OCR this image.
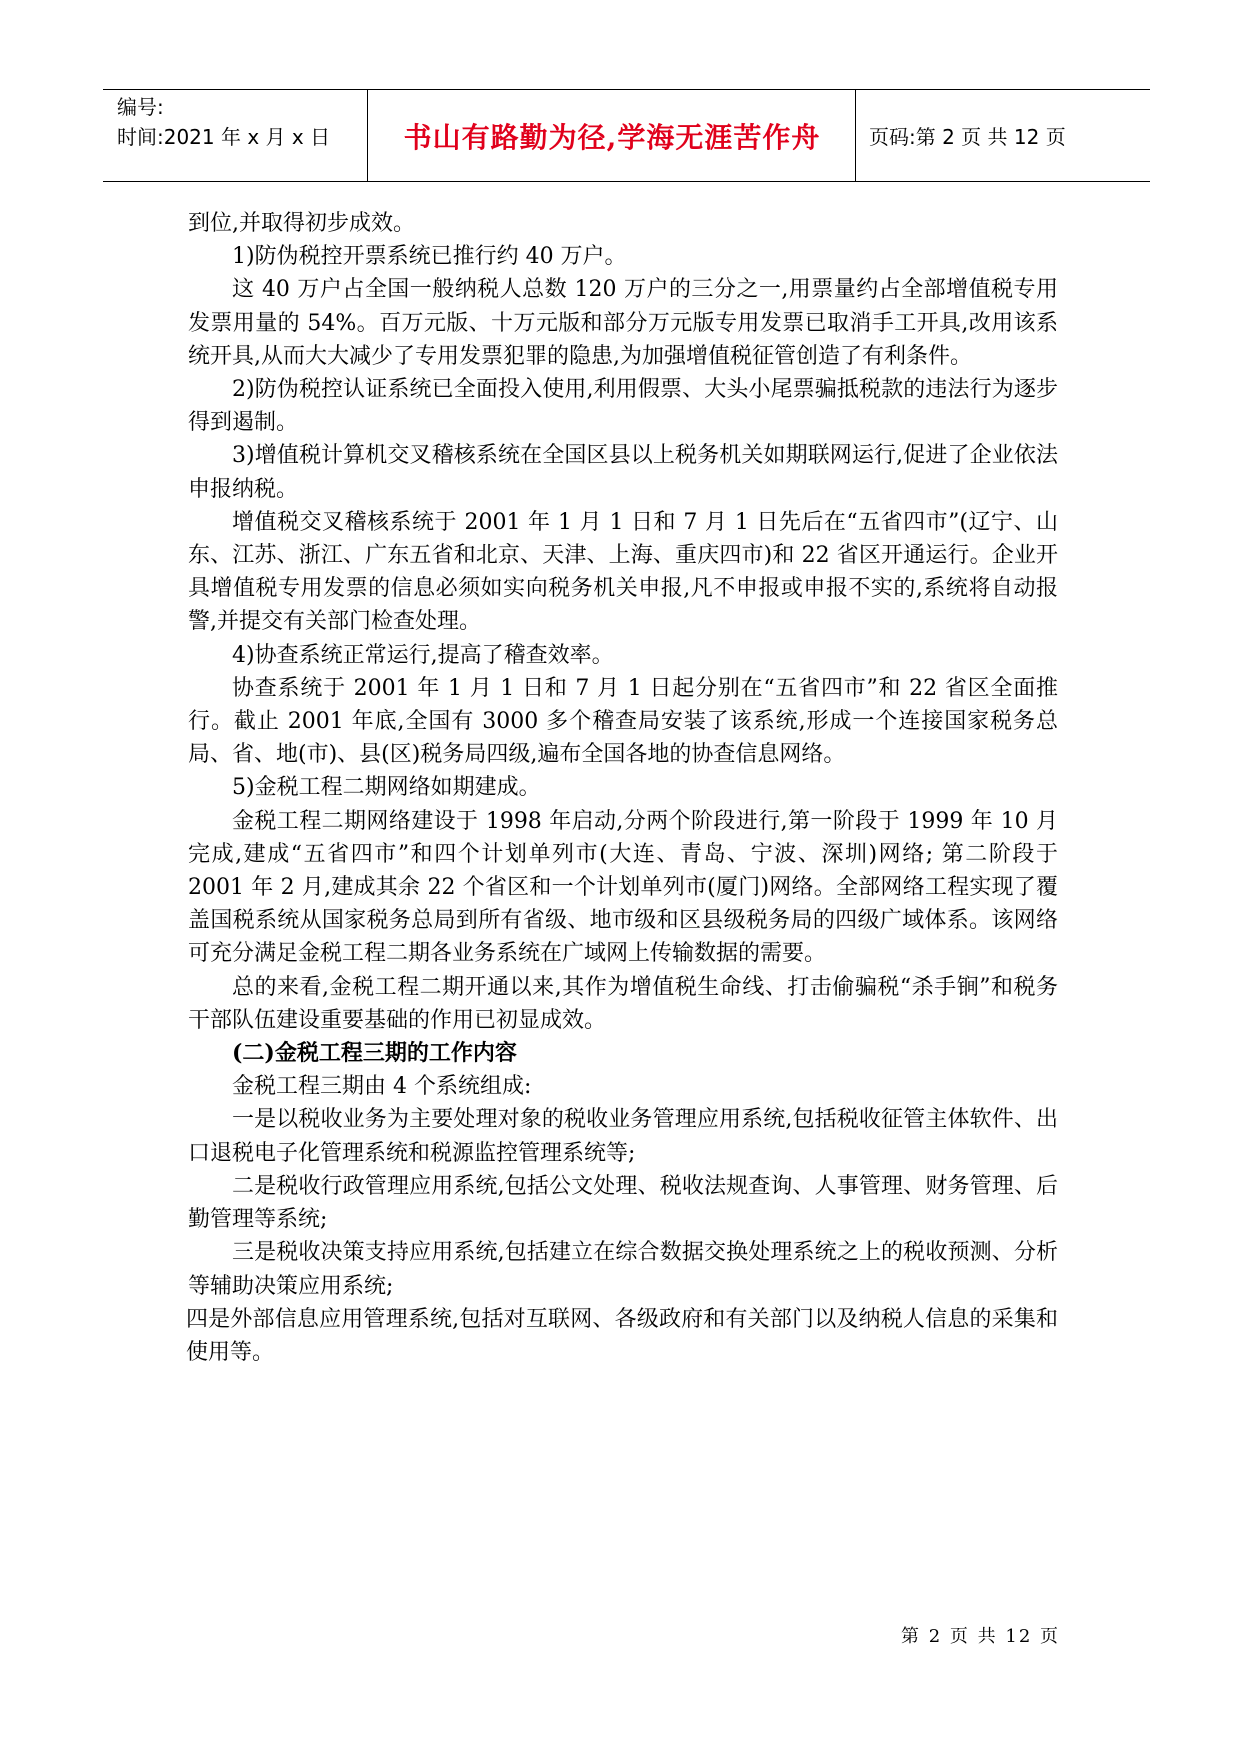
编号:
时间:2021 年 x 月 x 日	书山有路勤为径,学海无涯苦作舟	页码:第 2 页 共 12 页

到位,并取得初步成效。

1)防伪税控开票系统已推行约 40 万户。

这 40 万户占全国一般纳税人总数 120 万户的三分之一,用票量约占全部增值税专用发票用量的 54%。百万元版、十万元版和部分万元版专用发票已取消手工开具,改用该系统开具,从而大大减少了专用发票犯罪的隐患,为加强增值税征管创造了有利条件。

2)防伪税控认证系统已全面投入使用,利用假票、大头小尾票骗抵税款的违法行为逐步得到遏制。

3)增值税计算机交叉稽核系统在全国区县以上税务机关如期联网运行,促进了企业依法申报纳税。

增值税交叉稽核系统于 2001 年 1 月 1 日和 7 月 1 日先后在“五省四市”(辽宁、山东、江苏、浙江、广东五省和北京、天津、上海、重庆四市)和 22 省区开通运行。企业开具增值税专用发票的信息必须如实向税务机关申报,凡不申报或申报不实的,系统将自动报警,并提交有关部门检查处理。

4)协查系统正常运行,提高了稽查效率。

协查系统于 2001 年 1 月 1 日和 7 月 1 日起分别在“五省四市”和 22 省区全面推行。截止 2001 年底,全国有 3000 多个稽查局安装了该系统,形成一个连接国家税务总局、省、地(市)、县(区)税务局四级,遍布全国各地的协查信息网络。

5)金税工程二期网络如期建成。

金税工程二期网络建设于 1998 年启动,分两个阶段进行,第一阶段于 1999 年 10 月完成,建成“五省四市”和四个计划单列市(大连、青岛、宁波、深圳)网络; 第二阶段于 2001 年 2 月,建成其余 22 个省区和一个计划单列市(厦门)网络。全部网络工程实现了覆盖国税系统从国家税务总局到所有省级、地市级和区县级税务局的四级广域体系。该网络可充分满足金税工程二期各业务系统在广域网上传输数据的需要。

总的来看,金税工程二期开通以来,其作为增值税生命线、打击偷骗税“杀手锏”和税务干部队伍建设重要基础的作用已初显成效。

(二)金税工程三期的工作内容

金税工程三期由 4 个系统组成:

一是以税收业务为主要处理对象的税收业务管理应用系统,包括税收征管主体软件、出口退税电子化管理系统和税源监控管理系统等;

二是税收行政管理应用系统,包括公文处理、税收法规查询、人事管理、财务管理、后勤管理等系统;

三是税收决策支持应用系统,包括建立在综合数据交换处理系统之上的税收预测、分析等辅助决策应用系统;

四是外部信息应用管理系统,包括对互联网、各级政府和有关部门以及纳税人信息的采集和使用等。

第 2 页 共 12 页
